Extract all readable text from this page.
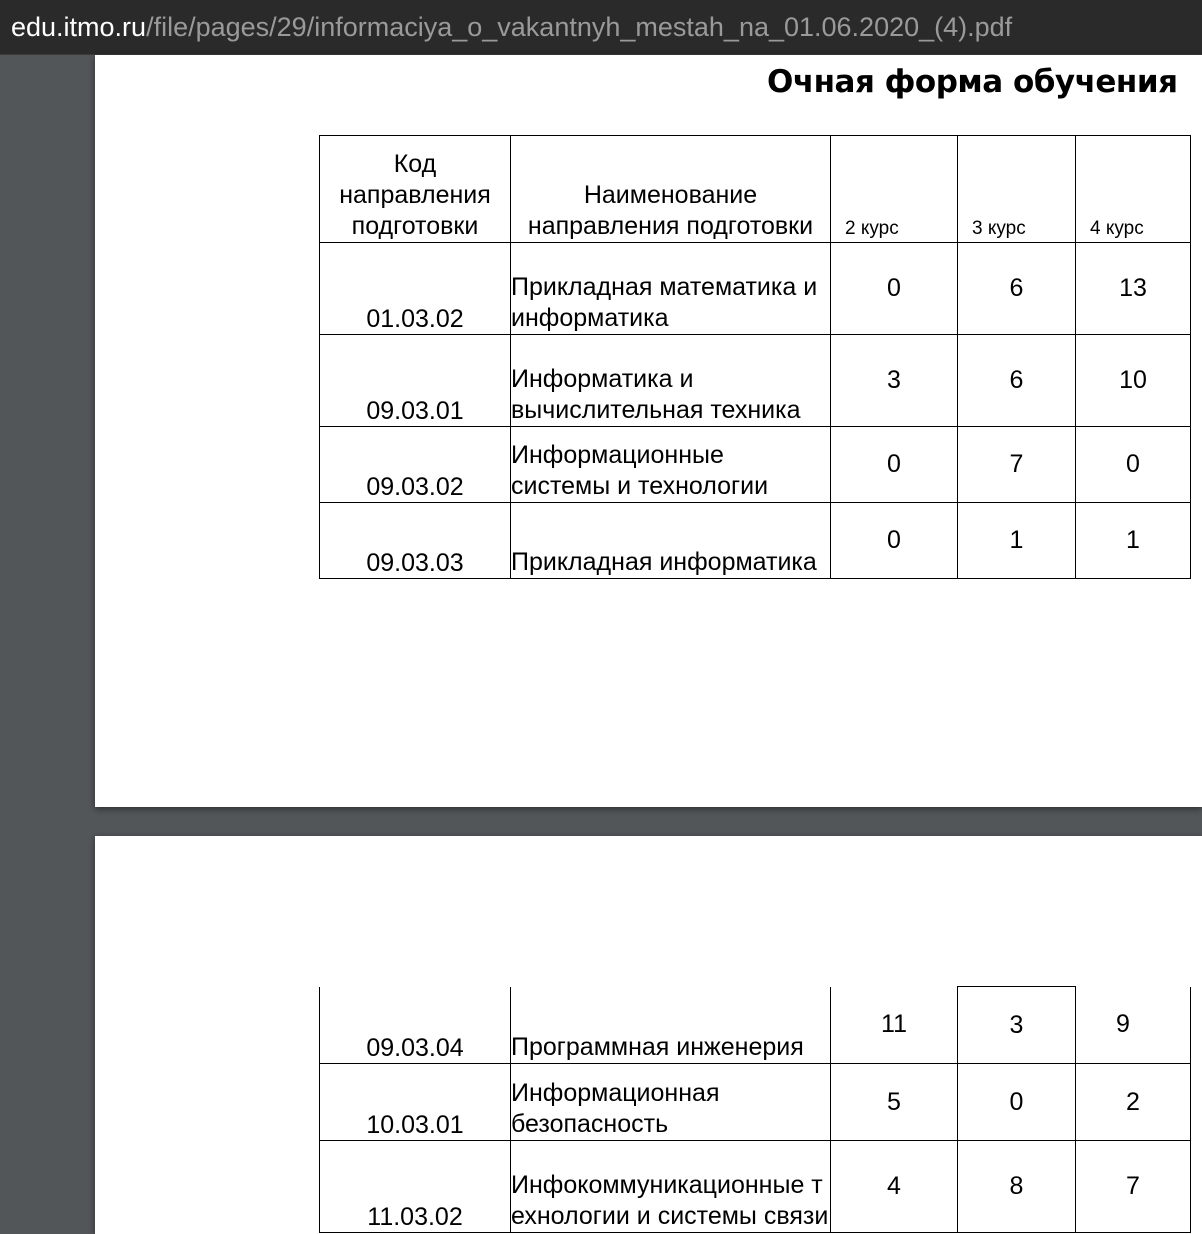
edu.itmo.ru/file/pages/29/informaciya_o_vakantnyh_mestah_na_01.06.2020_(4).pdf
Очная форма обучения
Код направления подготовки	Наименование направления подготовки	2 курс	3 курс	4 курс
01.03.02	Прикладная математика и информатика	0	6	13
09.03.01	Информатика и вычислительная техника	3	6	10
09.03.02	Информационные системы и технологии	0	7	0
09.03.03	Прикладная информатика	0	1	1
09.03.04	Программная инженерия	11	3	9
10.03.01	Информационная безопасность	5	0	2
11.03.02	Инфокоммуникационные технологии и системы связи	4	8	7
